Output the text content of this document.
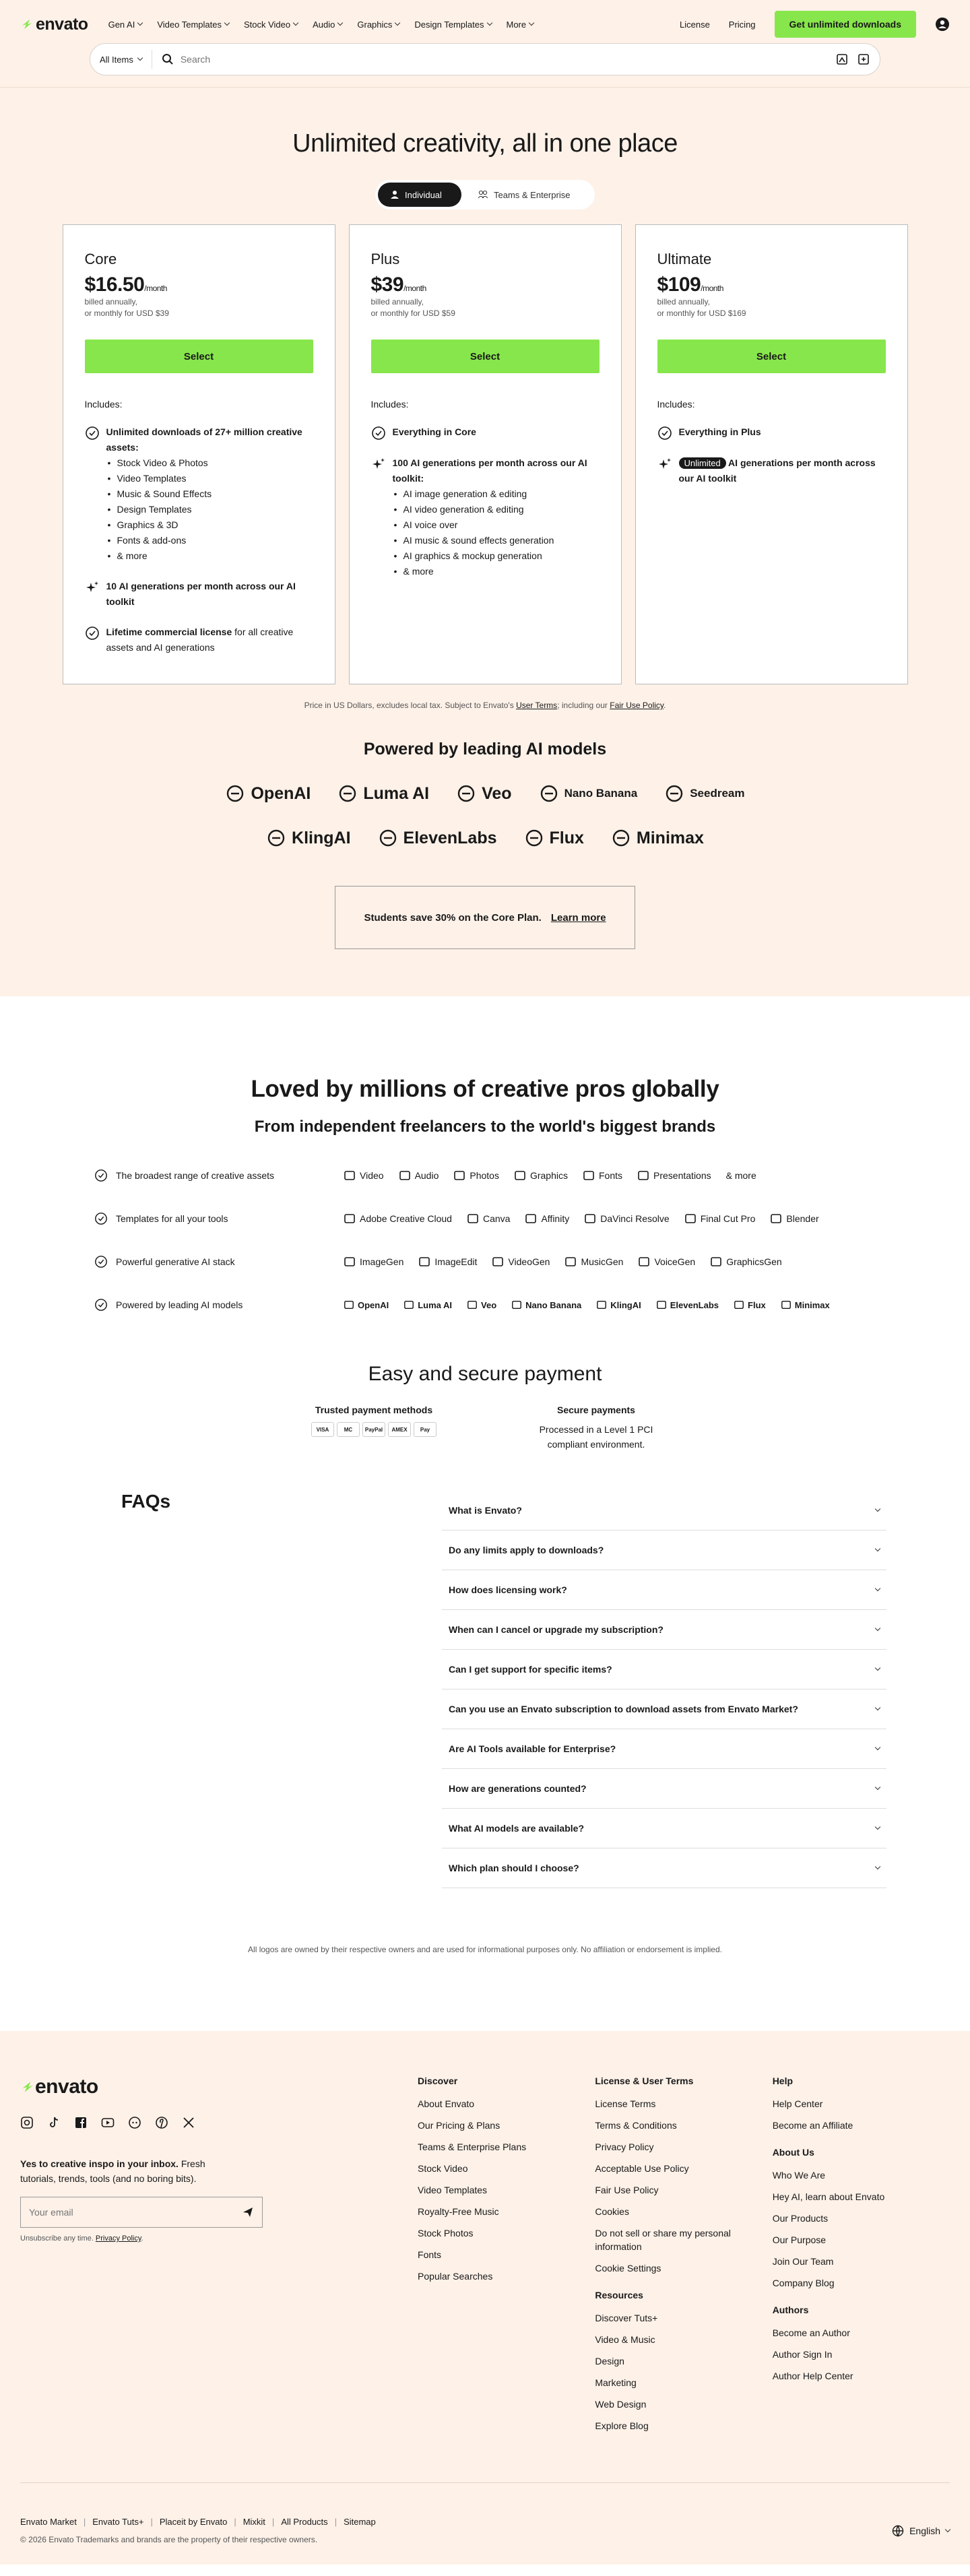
envato Gen AI	Video Templates	Stock Video	Audio	Graphics	Design Templates	More	License Pricing	Get unlimited downloads
All Items
Search
Unlimited creativity, all in one place
Individual	Teams & Enterprise
Core
$16.50/month
billed annually,
or monthly for USD $39
Select
Includes:
Unlimited downloads of 27+ million creative assets:
• Stock Video & Photos
• Video Templates
• Music & Sound Effects
• Design Templates
• Graphics & 3D
• Fonts & add-ons
• & more
10 AI generations per month across our AI toolkit
Lifetime commercial license for all creative assets and AI generations
Plus
$39/month
billed annually,
or monthly for USD $59
Select
Includes:
Everything in Core
100 AI generations per month across our AI toolkit:
• AI image generation & editing
• AI video generation & editing
• AI voice over
• AI music & sound effects generation
• AI graphics & mockup generation
• & more
Ultimate
$109/month
billed annually,
or monthly for USD $169
Select
Includes:
Everything in Plus
Unlimited AI generations per month across our AI toolkit

Price in US Dollars, excludes local tax. Subject to Envato's User Terms; including our Fair Use Policy.

Powered by leading AI models
OpenAI	Luma AI	Veo	Nano Banana	Seedream
KlingAI	ElevenLabs	Flux	Minimax
Students save 30% on the Core Plan. Learn more
Loved by millions of creative pros globally

From independent freelancers to the world's biggest brands

The broadest range of creative assets	Video	Audio	Photos	Graphics	Fonts	Presentations & more
Templates for all your tools	Adobe Creative Cloud	Canva	Affinity	DaVinci Resolve	Final Cut Pro	Blender
Powerful generative AI stack	ImageGen	ImageEdit	VideoGen	MusicGen	VoiceGen	GraphicsGen
Powered by leading AI models	OpenAI	Luma AI	Veo	Nano Banana	KlingAI	ElevenLabs	Flux	Minimax
Easy and secure payment
Trusted payment methods
VISA	MC	PayPal	AMEX	Pay
Secure payments
Processed in a Level 1 PCI compliant environment.
FAQs	What is Envato?
Do any limits apply to downloads?
How does licensing work?
When can I cancel or upgrade my subscription?
Can I get support for specific items?
Can you use an Envato subscription to download assets from Envato Market?
Are AI Tools available for Enterprise?
How are generations counted?
What AI models are available?
Which plan should I choose?

All logos are owned by their respective owners and are used for informational purposes only. No affiliation or endorsement is implied.

envato

Yes to creative inspo in your inbox. Fresh tutorials, trends, tools (and no boring bits).

Your email

Unsubscribe any time. Privacy Policy.

Discover
About Envato
Our Pricing & Plans
Teams & Enterprise Plans
Stock Video
Video Templates
Royalty-Free Music
Stock Photos
Fonts
Popular Searches
License & User Terms
License Terms
Terms & Conditions
Privacy Policy
Acceptable Use Policy
Fair Use Policy
Cookies
Do not sell or share my personal information
Cookie Settings
Resources
Discover Tuts+
Video & Music
Design
Marketing
Web Design
Explore Blog
Help
Help Center
Become an Affiliate
About Us
Who We Are
Hey AI, learn about Envato
Our Products
Our Purpose
Join Our Team
Company Blog
Authors
Become an Author
Author Sign In
Author Help Center
Envato Market | Envato Tuts+ | Placeit by Envato | Mixkit | All Products | Sitemap

© 2026 Envato Trademarks and brands are the property of their respective owners.

English
